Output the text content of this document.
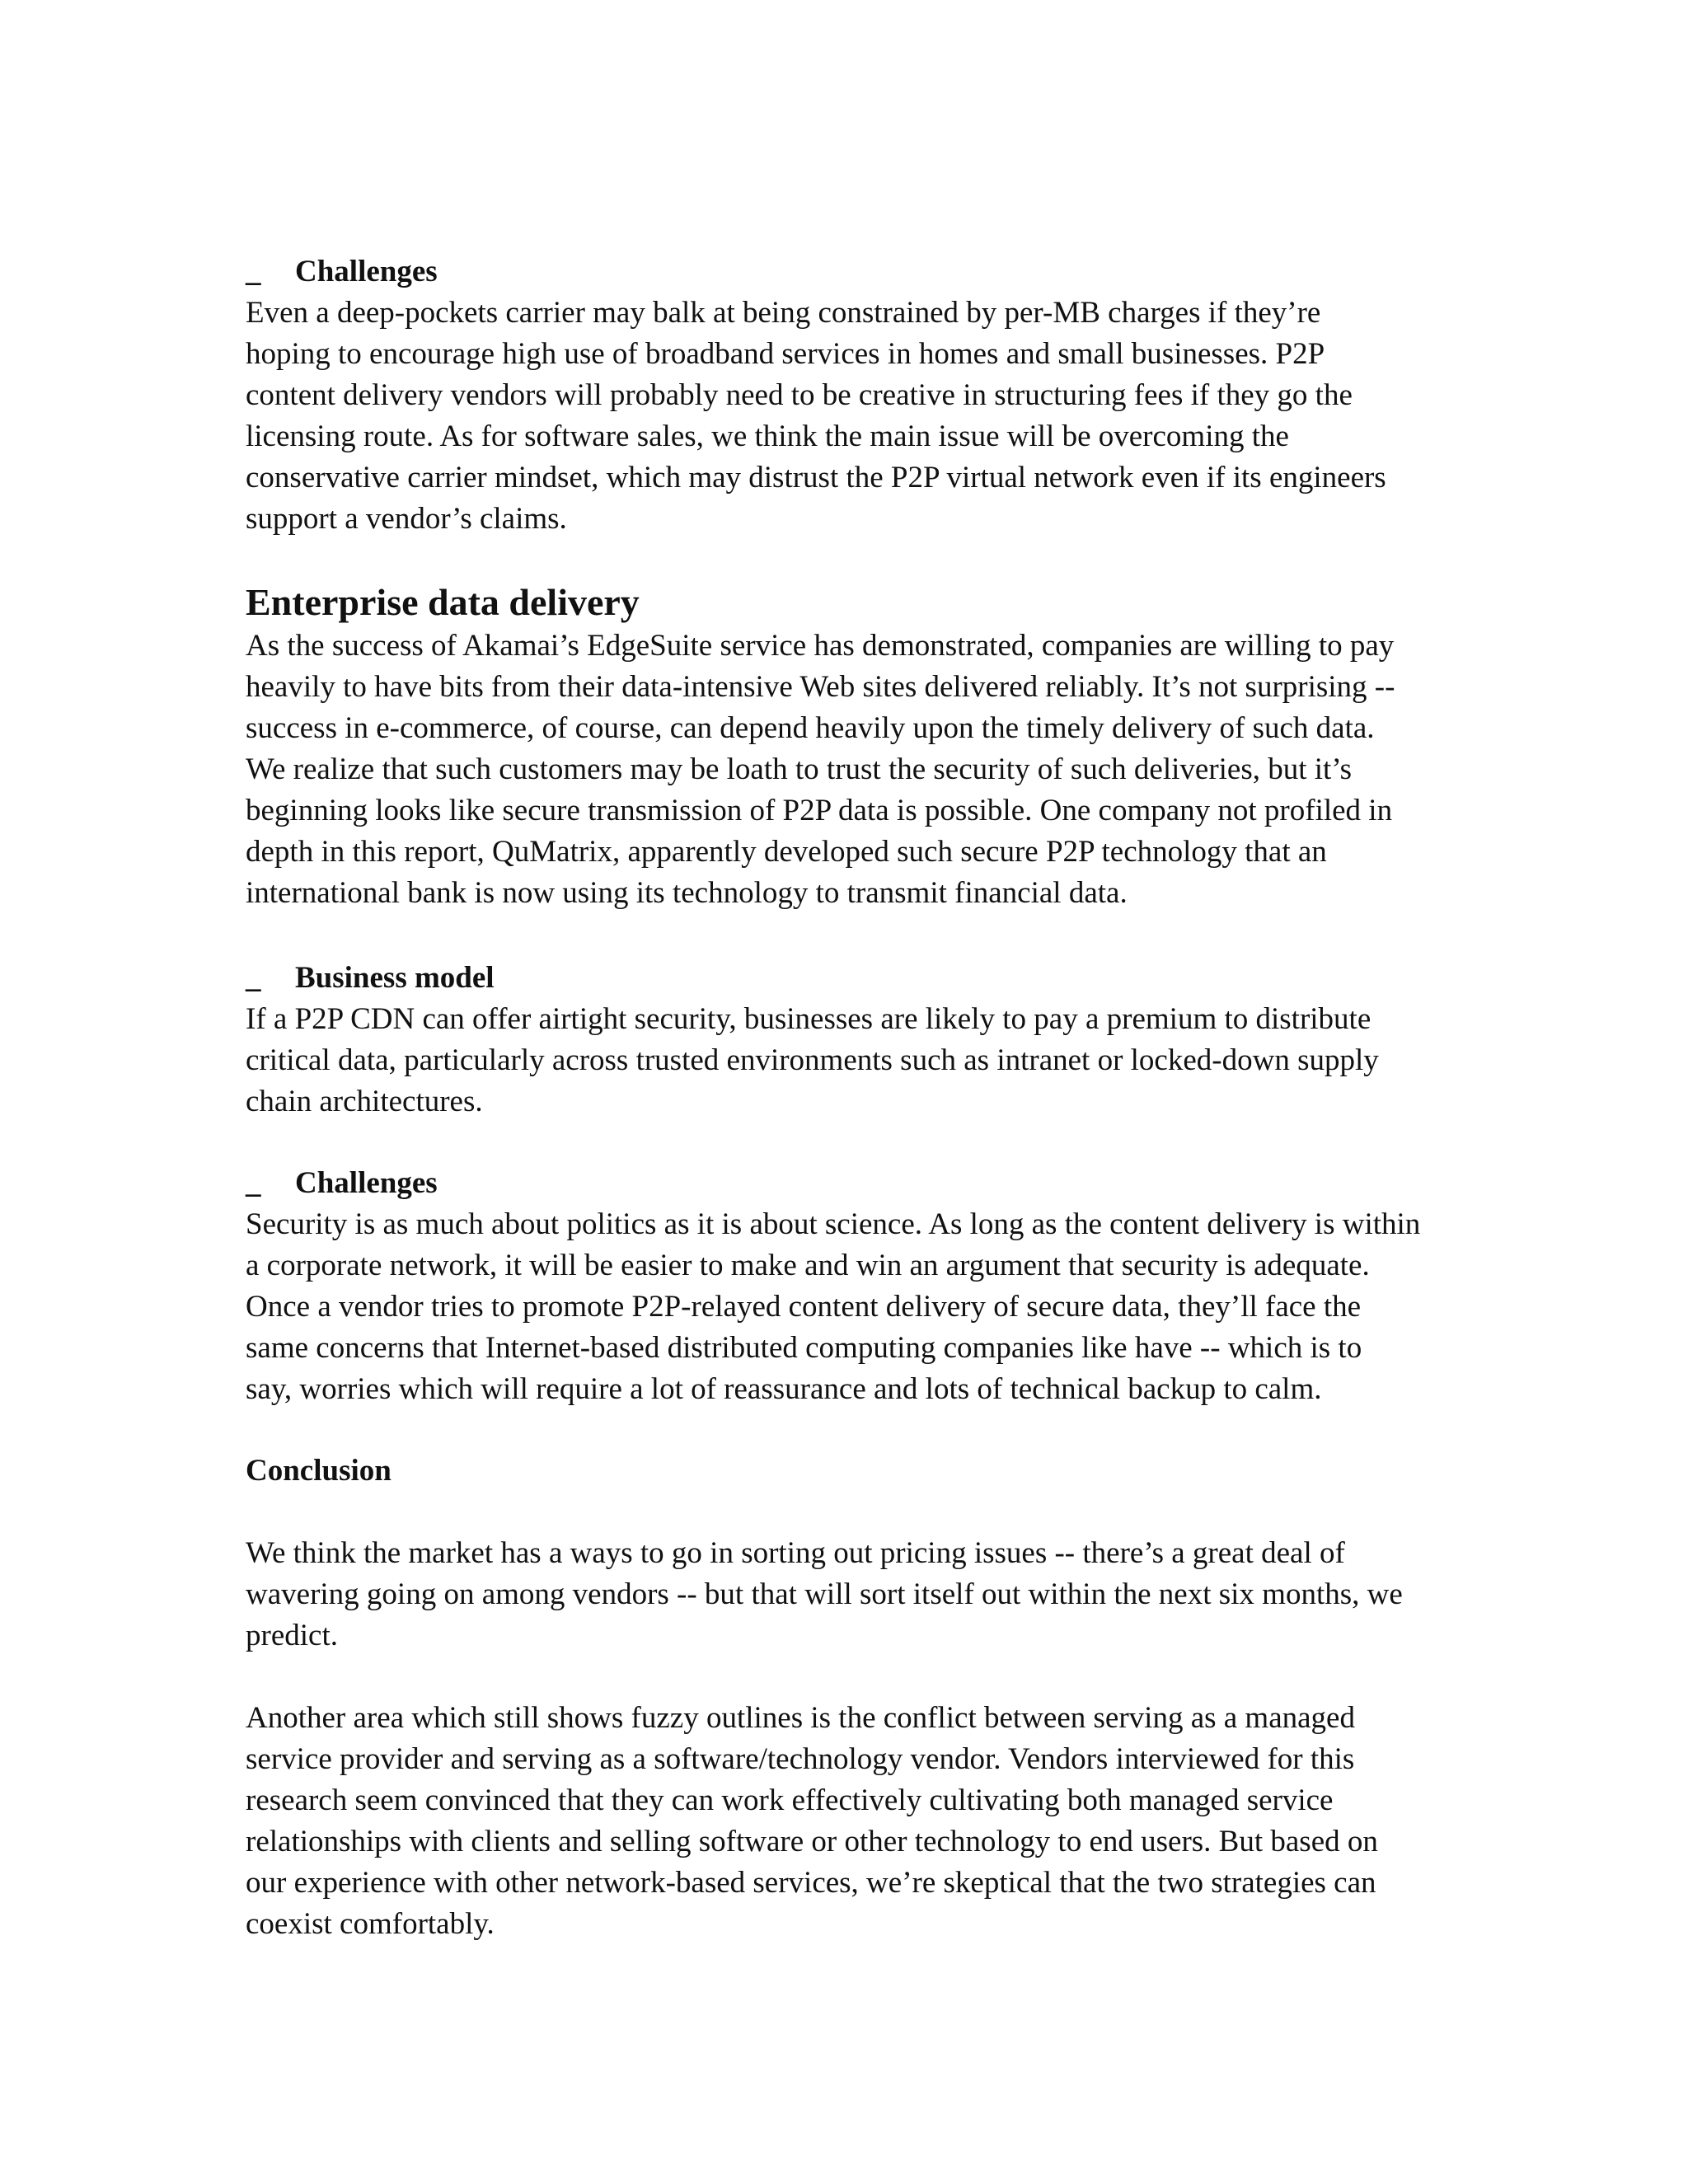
_	Challenges

Even a deep-pockets carrier may balk at being constrained by per-MB charges if they’re
hoping to encourage high use of broadband services in homes and small businesses. P2P
content delivery vendors will probably need to be creative in structuring fees if they go the
licensing route. As for software sales, we think the main issue will be overcoming the
conservative carrier mindset, which may distrust the P2P virtual network even if its engineers
support a vendor’s claims.

Enterprise data delivery

As the success of Akamai’s EdgeSuite service has demonstrated, companies are willing to pay
heavily to have bits from their data-intensive Web sites delivered reliably. It’s not surprising --
success in e-commerce, of course, can depend heavily upon the timely delivery of such data.
We realize that such customers may be loath to trust the security of such deliveries, but it’s
beginning looks like secure transmission of P2P data is possible. One company not profiled in
depth in this report, QuMatrix, apparently developed such secure P2P technology that an
international bank is now using its technology to transmit financial data.

_	Business model

If a P2P CDN can offer airtight security, businesses are likely to pay a premium to distribute
critical data, particularly across trusted environments such as intranet or locked-down supply
chain architectures.

_	Challenges

Security is as much about politics as it is about science. As long as the content delivery is within
a corporate network, it will be easier to make and win an argument that security is adequate.
Once a vendor tries to promote P2P-relayed content delivery of secure data, they’ll face the
same concerns that Internet-based distributed computing companies like have -- which is to
say, worries which will require a lot of reassurance and lots of technical backup to calm.

Conclusion

We think the market has a ways to go in sorting out pricing issues -- there’s a great deal of
wavering going on among vendors -- but that will sort itself out within the next six months, we
predict.

Another area which still shows fuzzy outlines is the conflict between serving as a managed
service provider and serving as a software/technology vendor. Vendors interviewed for this
research seem convinced that they can work effectively cultivating both managed service
relationships with clients and selling software or other technology to end users. But based on
our experience with other network-based services, we’re skeptical that the two strategies can
coexist comfortably.
